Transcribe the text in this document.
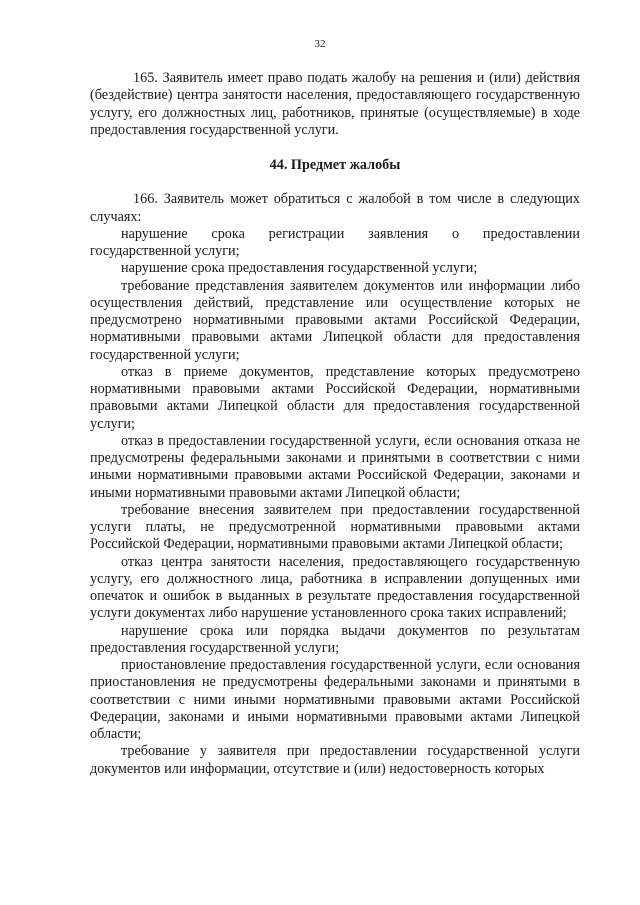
32

165. Заявитель имеет право подать жалобу на решения и (или) действия (бездействие) центра занятости населения, предоставляющего государственную услугу, его должностных лиц, работников, принятые (осуществляемые) в ходе предоставления государственной услуги.

44. Предмет жалобы

166. Заявитель может обратиться с жалобой в том числе в следующих случаях:

нарушение срока регистрации заявления о предоставлении государственной услуги;

нарушение срока предоставления государственной услуги;

требование представления заявителем документов или информации либо осуществления действий, представление или осуществление которых не предусмотрено нормативными правовыми актами Российской Федерации, нормативными правовыми актами Липецкой области для предоставления государственной услуги;

отказ в приеме документов, представление которых предусмотрено нормативными правовыми актами Российской Федерации, нормативными правовыми актами Липецкой области для предоставления государственной услуги;

отказ в предоставлении государственной услуги, если основания отказа не предусмотрены федеральными законами и принятыми в соответствии с ними иными нормативными правовыми актами Российской Федерации, законами и иными нормативными правовыми актами Липецкой области;

требование внесения заявителем при предоставлении государственной услуги платы, не предусмотренной нормативными правовыми актами Российской Федерации, нормативными правовыми актами Липецкой области;

отказ центра занятости населения, предоставляющего государственную услугу, его должностного лица, работника в исправлении допущенных ими опечаток и ошибок в выданных в результате предоставления государственной услуги документах либо нарушение установленного срока таких исправлений;

нарушение срока или порядка выдачи документов по результатам предоставления государственной услуги;

приостановление предоставления государственной услуги, если основания приостановления не предусмотрены федеральными законами и принятыми в соответствии с ними иными нормативными правовыми актами Российской Федерации, законами и иными нормативными правовыми актами Липецкой области;

требование у заявителя при предоставлении государственной услуги документов или информации, отсутствие и (или) недостоверность которых
